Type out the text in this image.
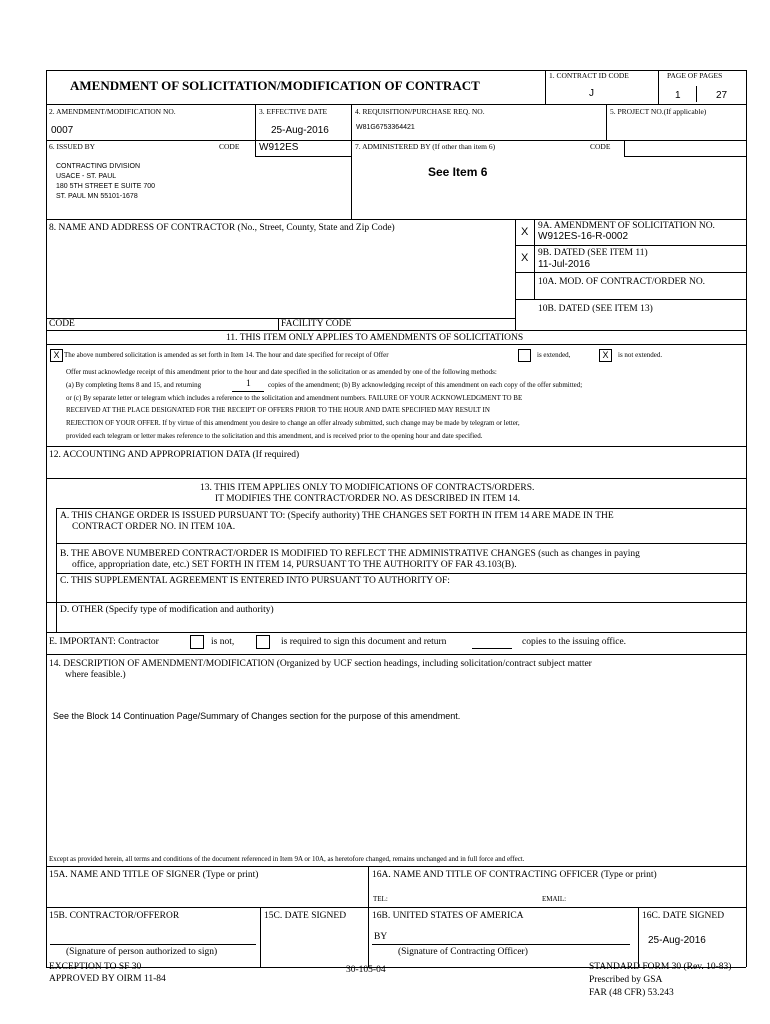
AMENDMENT OF SOLICITATION/MODIFICATION OF CONTRACT
1. CONTRACT ID CODE
J
PAGE OF PAGES
1	27
2. AMENDMENT/MODIFICATION NO.
0007
3. EFFECTIVE DATE
25-Aug-2016
4. REQUISITION/PURCHASE REQ. NO.
W81G6753364421
5. PROJECT NO.(If applicable)
6. ISSUED BY	CODE W912ES
CONTRACTING DIVISION
USACE - ST. PAUL
180 5TH STREET E SUITE 700
ST. PAUL MN 55101-1678
7. ADMINISTERED BY (If other than item 6)	CODE
See Item 6
8. NAME AND ADDRESS OF CONTRACTOR (No., Street, County, State and Zip Code)	X 9A. AMENDMENT OF SOLICITATION NO.
W912ES-16-R-0002
X 9B. DATED (SEE ITEM 11)
11-Jul-2016
10A. MOD. OF CONTRACT/ORDER NO.
10B. DATED (SEE ITEM 13)
CODE	FACILITY CODE
11. THIS ITEM ONLY APPLIES TO AMENDMENTS OF SOLICITATIONS
X The above numbered solicitation is amended as set forth in Item 14. The hour and date specified for receipt of Offer	is extended,	X	is not extended.
Offer must acknowledge receipt of this amendment prior to the hour and date specified in the solicitation or as amended by one of the following methods:
(a) By completing Items 8 and 15, and returning	1 copies of the amendment; (b) By acknowledging receipt of this amendment on each copy of the offer submitted;
or (c) By separate letter or telegram which includes a reference to the solicitation and amendment numbers. FAILURE OF YOUR ACKNOWLEDGMENT TO BE
RECEIVED AT THE PLACE DESIGNATED FOR THE RECEIPT OF OFFERS PRIOR TO THE HOUR AND DATE SPECIFIED MAY RESULT IN
REJECTION OF YOUR OFFER. If by virtue of this amendment you desire to change an offer already submitted, such change may be made by telegram or letter,
provided each telegram or letter makes reference to the solicitation and this amendment, and is received prior to the opening hour and date specified.
12. ACCOUNTING AND APPROPRIATION DATA (If required)
13. THIS ITEM APPLIES ONLY TO MODIFICATIONS OF CONTRACTS/ORDERS.
IT MODIFIES THE CONTRACT/ORDER NO. AS DESCRIBED IN ITEM 14.
A. THIS CHANGE ORDER IS ISSUED PURSUANT TO: (Specify authority) THE CHANGES SET FORTH IN ITEM 14 ARE MADE IN THE
CONTRACT ORDER NO. IN ITEM 10A.
B. THE ABOVE NUMBERED CONTRACT/ORDER IS MODIFIED TO REFLECT THE ADMINISTRATIVE CHANGES (such as changes in paying
office, appropriation date, etc.) SET FORTH IN ITEM 14, PURSUANT TO THE AUTHORITY OF FAR 43.103(B).
C. THIS SUPPLEMENTAL AGREEMENT IS ENTERED INTO PURSUANT TO AUTHORITY OF:
D. OTHER (Specify type of modification and authority)
E. IMPORTANT: Contractor	is not,	is required to sign this document and return	copies to the issuing office.
14. DESCRIPTION OF AMENDMENT/MODIFICATION (Organized by UCF section headings, including solicitation/contract subject matter
where feasible.)
See the Block 14 Continuation Page/Summary of Changes section for the purpose of this amendment.
Except as provided herein, all terms and conditions of the document referenced in Item 9A or 10A, as heretofore changed, remains unchanged and in full force and effect.
15A. NAME AND TITLE OF SIGNER (Type or print)	16A. NAME AND TITLE OF CONTRACTING OFFICER (Type or print)
TEL:	EMAIL:
15B. CONTRACTOR/OFFEROR	15C. DATE SIGNED	16B. UNITED STATES OF AMERICA	16C. DATE SIGNED
BY	25-Aug-2016
(Signature of person authorized to sign)	(Signature of Contracting Officer)
EXCEPTION TO SF 30
APPROVED BY OIRM 11-84
30-105-04	STANDARD FORM 30 (Rev. 10-83)
Prescribed by GSA
FAR (48 CFR) 53.243
